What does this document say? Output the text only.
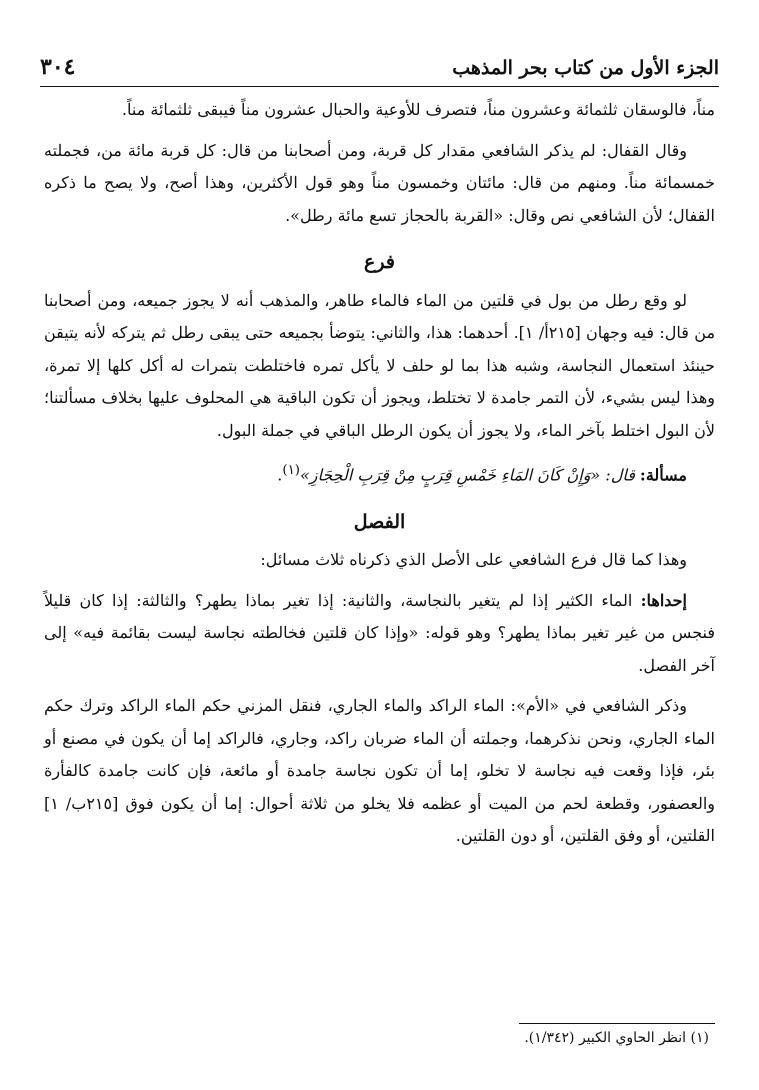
الجزء الأول من كتاب بحر المذهب
٣٠٤

مناً، فالوسقان ثلثمائة وعشرون مناً، فتصرف للأوعية والحبال عشرون مناً فيبقى ثلثمائة مناً.

وقال القفال: لم يذكر الشافعي مقدار كل قربة، ومن أصحابنا من قال: كل قربة مائة من، فجملته خمسمائة مناً. ومنهم من قال: مائتان وخمسون مناً وهو قول الأكثرين، وهذا أصح، ولا يصح ما ذكره القفال؛ لأن الشافعي نص وقال: «القربة بالحجاز تسع مائة رطل».

فرع

لو وقع رطل من بول في قلتين من الماء فالماء طاهر، والمذهب أنه لا يجوز جميعه، ومن أصحابنا من قال: فيه وجهان [٢١٥أ/ ١]. أحدهما: هذا، والثاني: يتوضأ بجميعه حتى يبقى رطل ثم يتركه لأنه يتيقن حينئذ استعمال النجاسة، وشبه هذا بما لو حلف لا يأكل تمره فاختلطت بتمرات له أكل كلها إلا تمرة، وهذا ليس بشيء، لأن التمر جامدة لا تختلط، ويجوز أن تكون الباقية هي المحلوف عليها بخلاف مسألتنا؛ لأن البول اختلط بآخر الماء، ولا يجوز أن يكون الرطل الباقي في جملة البول.

مسألة: قال: «وَإِنْ كَانَ المَاءِ خَمْسِ قِرَبٍ مِنْ قِرَبِ الْحِجَازِ»$^{(١)}$.

الفصل

وهذا كما قال فرع الشافعي على الأصل الذي ذكرناه ثلاث مسائل:

إحداها: الماء الكثير إذا لم يتغير بالنجاسة، والثانية: إذا تغير بماذا يطهر؟ والثالثة: إذا كان قليلاً فنجس من غير تغير بماذا يطهر؟ وهو قوله: «وإذا كان قلتين فخالطته نجاسة ليست بقائمة فيه» إلى آخر الفصل.

وذكر الشافعي في «الأم»: الماء الراكد والماء الجاري، فنقل المزني حكم الماء الراكد وترك حكم الماء الجاري، ونحن نذكرهما، وجملته أن الماء ضربان راكد، وجاري، فالراكد إما أن يكون في مصنع أو بئر، فإذا وقعت فيه نجاسة لا تخلو، إما أن تكون نجاسة جامدة أو مائعة، فإن كانت جامدة كالفأرة والعصفور، وقطعة لحم من الميت أو عظمه فلا يخلو من ثلاثة أحوال: إما أن يكون فوق [٢١٥ب/ ١] القلتين، أو وفق القلتين، أو دون القلتين.

(١) انظر الحاوي الكبير (١/٣٤٢).
